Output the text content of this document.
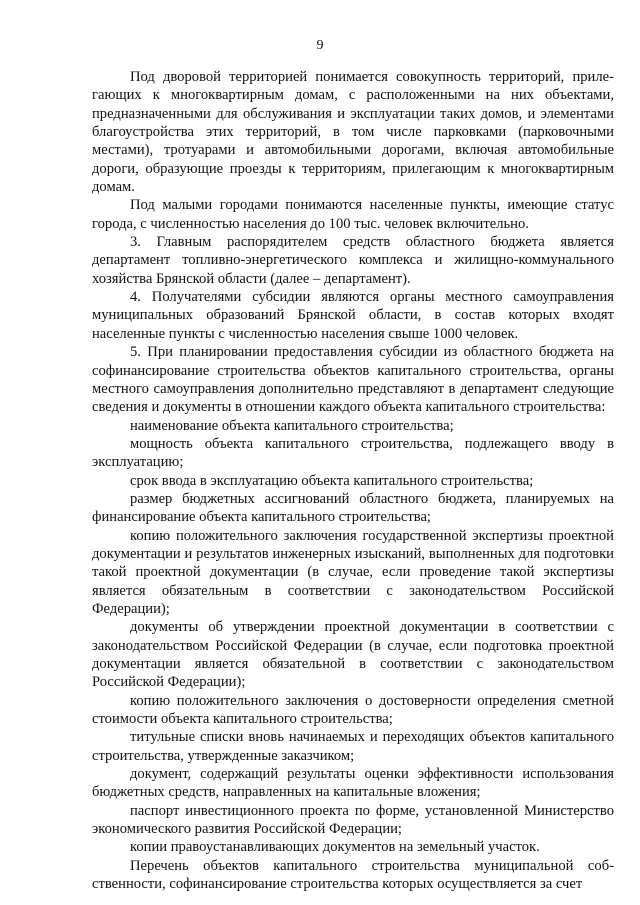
9

Под дворовой территорией понимается совокупность территорий, прилегающих к многоквартирным домам, с расположенными на них объектами, предназначенными для обслуживания и эксплуатации таких домов, и элементами благоустройства этих территорий, в том числе парковками (парковочными местами), тротуарами и автомобильными дорогами, включая автомобильные дороги, образующие проезды к территориям, прилегающим к многоквартирным домам.

Под малыми городами понимаются населенные пункты, имеющие статус города, с численностью населения до 100 тыс. человек включительно.

3. Главным распорядителем средств областного бюджета является департамент топливно-энергетического комплекса и жилищно-коммунального хозяйства Брянской области (далее – департамент).

4. Получателями субсидии являются органы местного самоуправления муниципальных образований Брянской области, в состав которых входят населенные пункты с численностью населения свыше 1000 человек.

5. При планировании предоставления субсидии из областного бюджета на софинансирование строительства объектов капитального строительства, органы местного самоуправления дополнительно представляют в департамент следующие сведения и документы в отношении каждого объекта капитального строительства:

наименование объекта капитального строительства;

мощность объекта капитального строительства, подлежащего вводу в эксплуатацию;

срок ввода в эксплуатацию объекта капитального строительства;

размер бюджетных ассигнований областного бюджета, планируемых на финансирование объекта капитального строительства;

копию положительного заключения государственной экспертизы проектной документации и результатов инженерных изысканий, выполненных для подготовки такой проектной документации (в случае, если проведение такой экспертизы является обязательным в соответствии с законодательством Российской Федерации);

документы об утверждении проектной документации в соответствии с законодательством Российской Федерации (в случае, если подготовка проектной документации является обязательной в соответствии с законодательством Российской Федерации);

копию положительного заключения о достоверности определения сметной стоимости объекта капитального строительства;

титульные списки вновь начинаемых и переходящих объектов капитального строительства, утвержденные заказчиком;

документ, содержащий результаты оценки эффективности использования бюджетных средств, направленных на капитальные вложения;

паспорт инвестиционного проекта по форме, установленной Министерство экономического развития Российской Федерации;

копии правоустанавливающих документов на земельный участок.

Перечень объектов капитального строительства муниципальной собственности, софинансирование строительства которых осуществляется за счет
